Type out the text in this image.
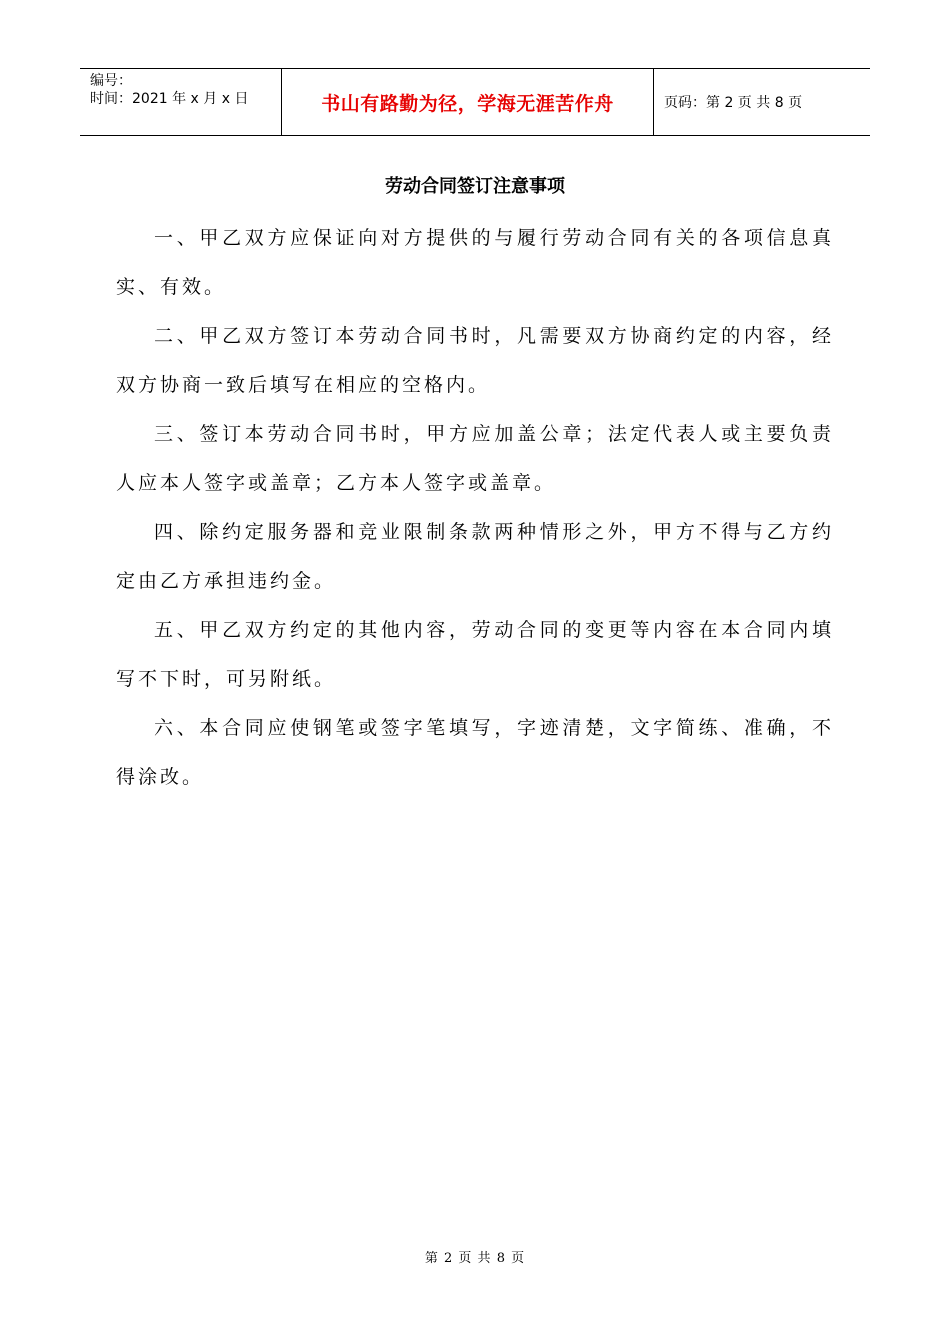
编号：
时间：2021 年 x 月 x 日	书山有路勤为径，学海无涯苦作舟	页码：第 2 页 共 8 页
劳动合同签订注意事项

一、甲乙双方应保证向对方提供的与履行劳动合同有关的各项信息真实、有效。

二、甲乙双方签订本劳动合同书时，凡需要双方协商约定的内容，经双方协商一致后填写在相应的空格内。

三、签订本劳动合同书时，甲方应加盖公章；法定代表人或主要负责人应本人签字或盖章；乙方本人签字或盖章。

四、除约定服务器和竞业限制条款两种情形之外，甲方不得与乙方约定由乙方承担违约金。

五、甲乙双方约定的其他内容，劳动合同的变更等内容在本合同内填写不下时，可另附纸。

六、本合同应使钢笔或签字笔填写，字迹清楚，文字简练、准确，不得涂改。

第 2 页 共 8 页
